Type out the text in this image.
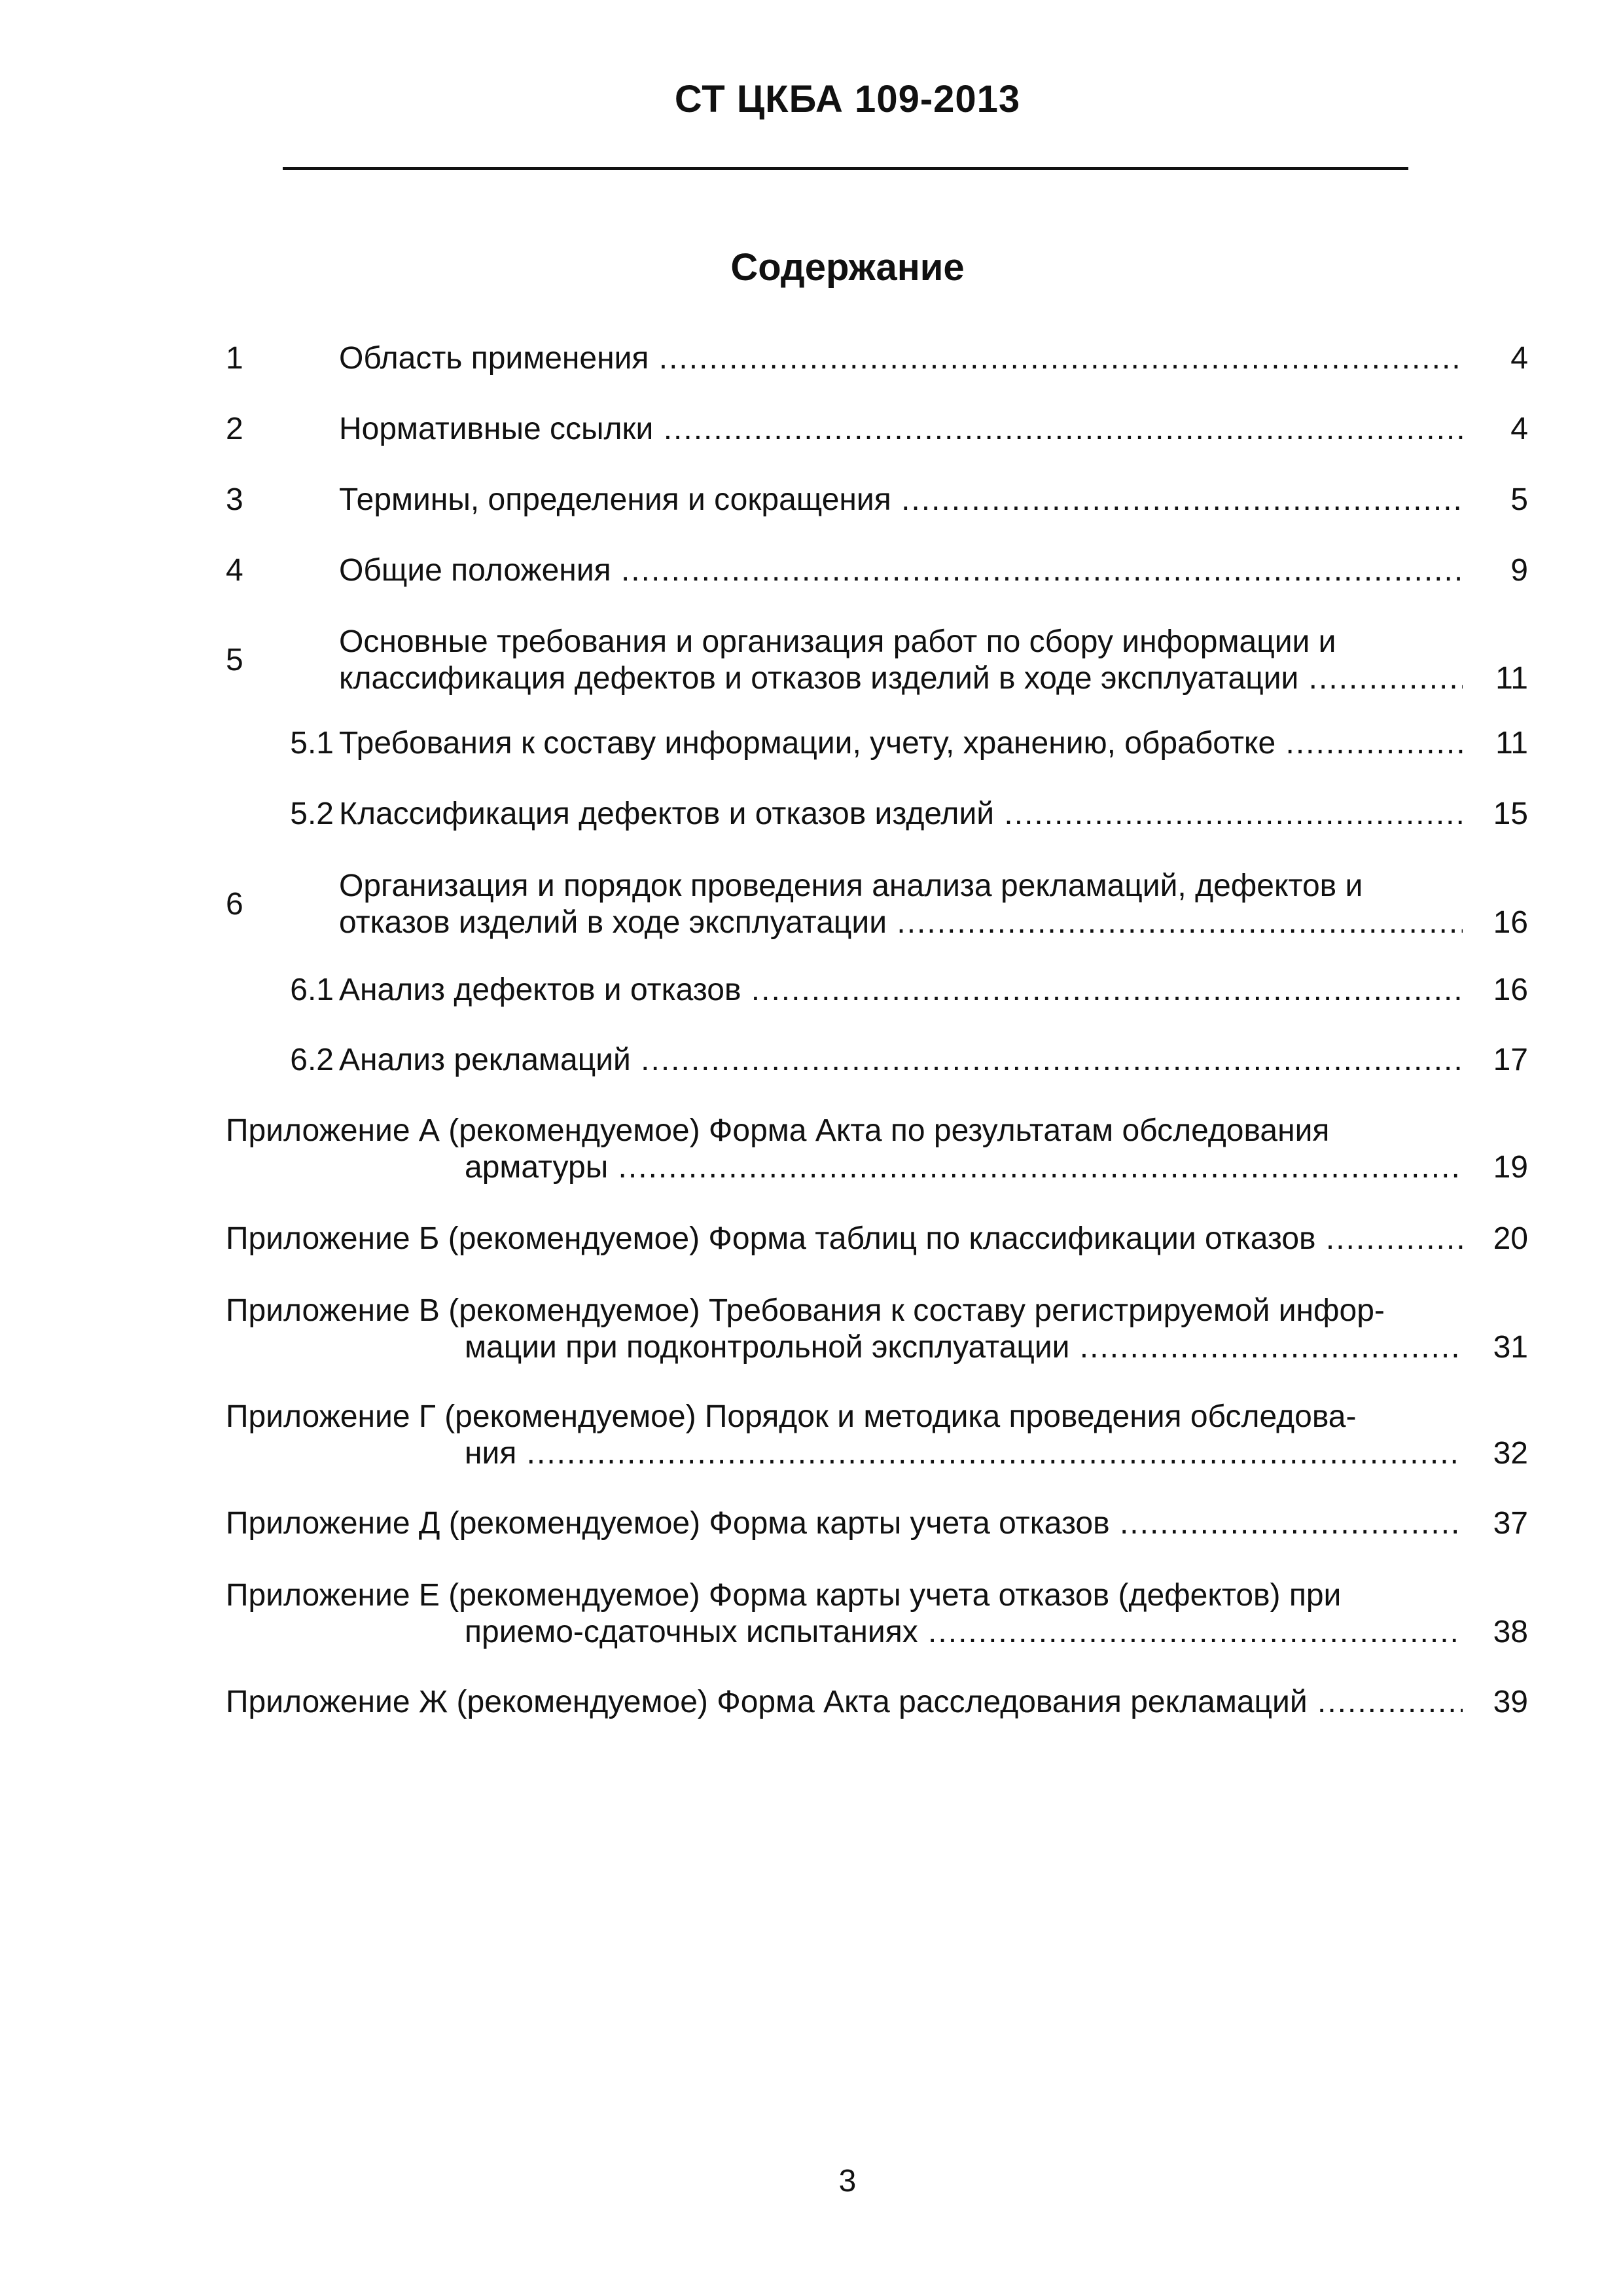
СТ ЦКБА 109-2013
Содержание
1	Область применения .....	4
2	Нормативные ссылки .....	4
3	Термины, определения и сокращения .....	5
4	Общие положения .....	9
5
Основные требования и организация работ по сбору информации и
классификация дефектов и отказов изделий в ходе эксплуатации .....	11
5.1 Требования к составу информации, учету, хранению, обработке .....	11
5.2 Классификация дефектов и отказов изделий .....	15
6
Организация и порядок проведения анализа рекламаций, дефектов и
отказов изделий в ходе эксплуатации .....	16
6.1 Анализ дефектов и отказов .....	16
6.2 Анализ рекламаций .....	17
Приложение А (рекомендуемое) Форма Акта по результатам обследования
арматуры .....	19
Приложение Б (рекомендуемое) Форма таблиц по классификации отказов .....	20
Приложение В (рекомендуемое) Требования к составу регистрируемой инфор-
мации при подконтрольной эксплуатации .....	31
Приложение Г (рекомендуемое) Порядок и методика проведения обследова-
ния .....	32
Приложение Д (рекомендуемое) Форма карты учета отказов .....	37
Приложение Е (рекомендуемое) Форма карты учета отказов (дефектов) при
приемо-сдаточных испытаниях .....	38
Приложение Ж (рекомендуемое) Форма Акта расследования рекламаций .....	39
3
